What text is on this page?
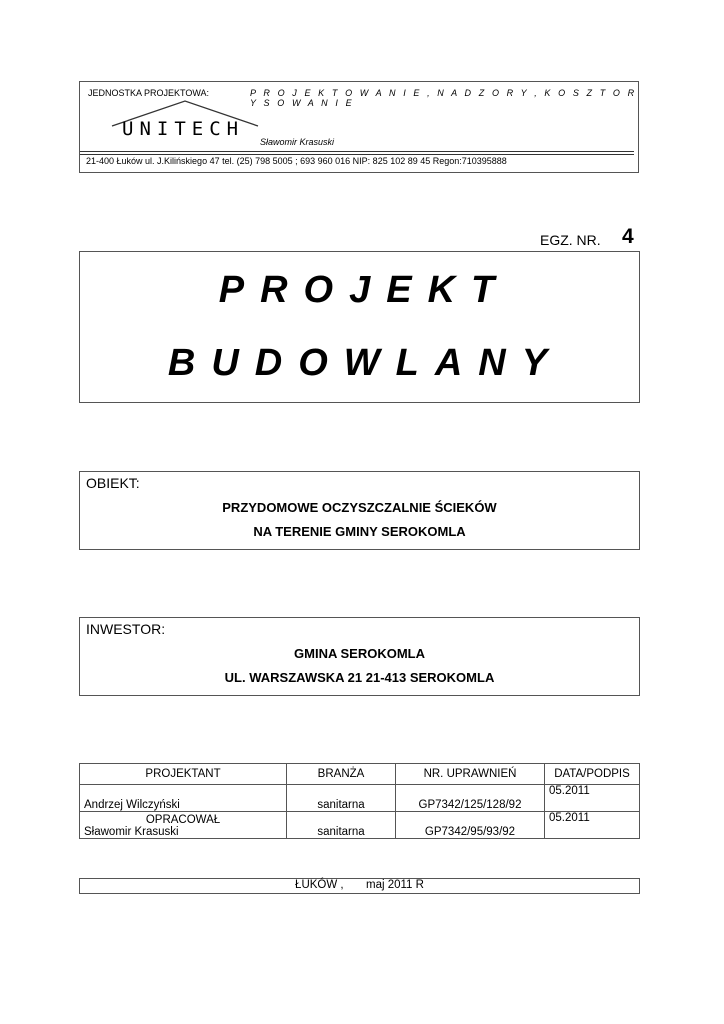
JEDNOSTKA PROJEKTOWA:	P R O J E K T O W A N I E , N A D Z O R Y , K O S Z T O R Y S O W A N I E
UNITECH
Sławomir Krasuski
21-400 Łuków ul. J.Kilińskiego 47 tel. (25) 798 5005 ; 693 960 016 NIP: 825 102 89 45 Regon:710395888
EGZ. NR. 4
PROJEKT
BUDOWLANY
OBIEKT:
PRZYDOMOWE OCZYSZCZALNIE ŚCIEKÓW
NA TERENIE GMINY SEROKOMLA
INWESTOR:
GMINA SEROKOMLA
UL. WARSZAWSKA 21 21-413 SEROKOMLA
PROJEKTANT	BRANŻA	NR. UPRAWNIEŃ	DATA/PODPIS
Andrzej Wilczyński	sanitarna	GP7342/125/128/92	05.2011

OPRACOWAŁ
Sławomir Krasuski	sanitarna	GP7342/95/93/92	05.2011
ŁUKÓW , maj 2011 R
